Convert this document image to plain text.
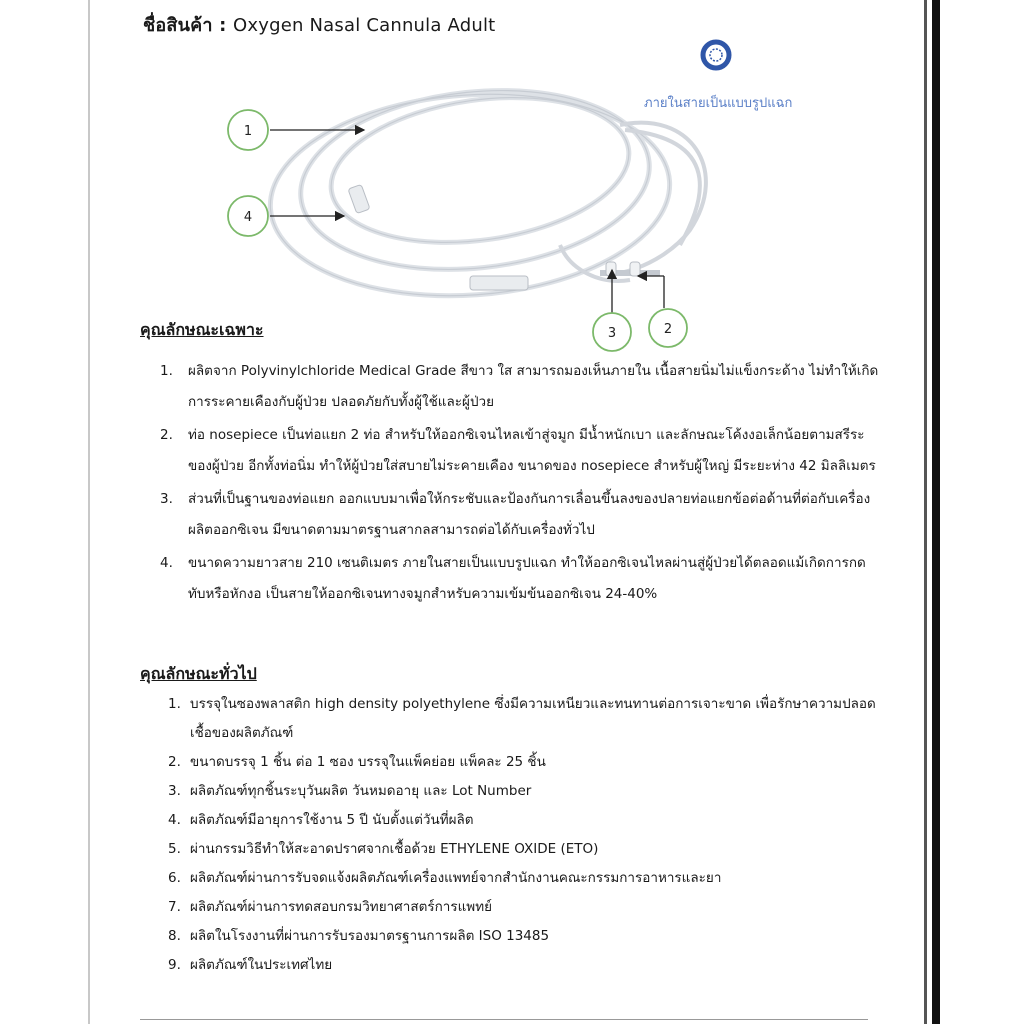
ชื่อสินค้า : Oxygen Nasal Cannula Adult
1
4
3	2
ภายในสายเป็นแบบรูปแฉก
คุณลักษณะเฉพาะ
1.	ผลิตจาก Polyvinylchloride Medical Grade สีขาว ใส สามารถมองเห็นภายใน เนื้อสายนิ่มไม่แข็งกระด้าง ไม่ทำให้เกิดการระคายเคืองกับผู้ป่วย ปลอดภัยกับทั้งผู้ใช้และผู้ป่วย
2.	ท่อ nosepiece เป็นท่อแยก 2 ท่อ สำหรับให้ออกซิเจนไหลเข้าสู่จมูก มีน้ำหนักเบา และลักษณะโค้งงอเล็กน้อยตามสรีระของผู้ป่วย อีกทั้งท่อนิ่ม ทำให้ผู้ป่วยใส่สบายไม่ระคายเคือง ขนาดของ nosepiece สำหรับผู้ใหญ่ มีระยะห่าง 42 มิลลิเมตร
3.	ส่วนที่เป็นฐานของท่อแยก ออกแบบมาเพื่อให้กระชับและป้องกันการเลื่อนขึ้นลงของปลายท่อแยกข้อต่อด้านที่ต่อกับเครื่องผลิตออกซิเจน มีขนาดตามมาตรฐานสากลสามารถต่อได้กับเครื่องทั่วไป
4.	ขนาดความยาวสาย 210 เซนติเมตร ภายในสายเป็นแบบรูปแฉก ทำให้ออกซิเจนไหลผ่านสู่ผู้ป่วยได้ตลอดแม้เกิดการกดทับหรือหักงอ เป็นสายให้ออกซิเจนทางจมูกสำหรับความเข้มข้นออกซิเจน 24-40%
คุณลักษณะทั่วไป
1. บรรจุในซองพลาสติก high density polyethylene ซึ่งมีความเหนียวและทนทานต่อการเจาะขาด เพื่อรักษาความปลอดเชื้อของผลิตภัณฑ์
2. ขนาดบรรจุ 1 ชิ้น ต่อ 1 ซอง บรรจุในแพ็คย่อย แพ็คละ 25 ชิ้น
3. ผลิตภัณฑ์ทุกชิ้นระบุวันผลิต วันหมดอายุ และ Lot Number
4. ผลิตภัณฑ์มีอายุการใช้งาน 5 ปี นับตั้งแต่วันที่ผลิต
5. ผ่านกรรมวิธีทำให้สะอาดปราศจากเชื้อด้วย ETHYLENE OXIDE (ETO)
6. ผลิตภัณฑ์ผ่านการรับจดแจ้งผลิตภัณฑ์เครื่องแพทย์จากสำนักงานคณะกรรมการอาหารและยา
7. ผลิตภัณฑ์ผ่านการทดสอบกรมวิทยาศาสตร์การแพทย์
8. ผลิตในโรงงานที่ผ่านการรับรองมาตรฐานการผลิต ISO 13485
9. ผลิตภัณฑ์ในประเทศไทย
